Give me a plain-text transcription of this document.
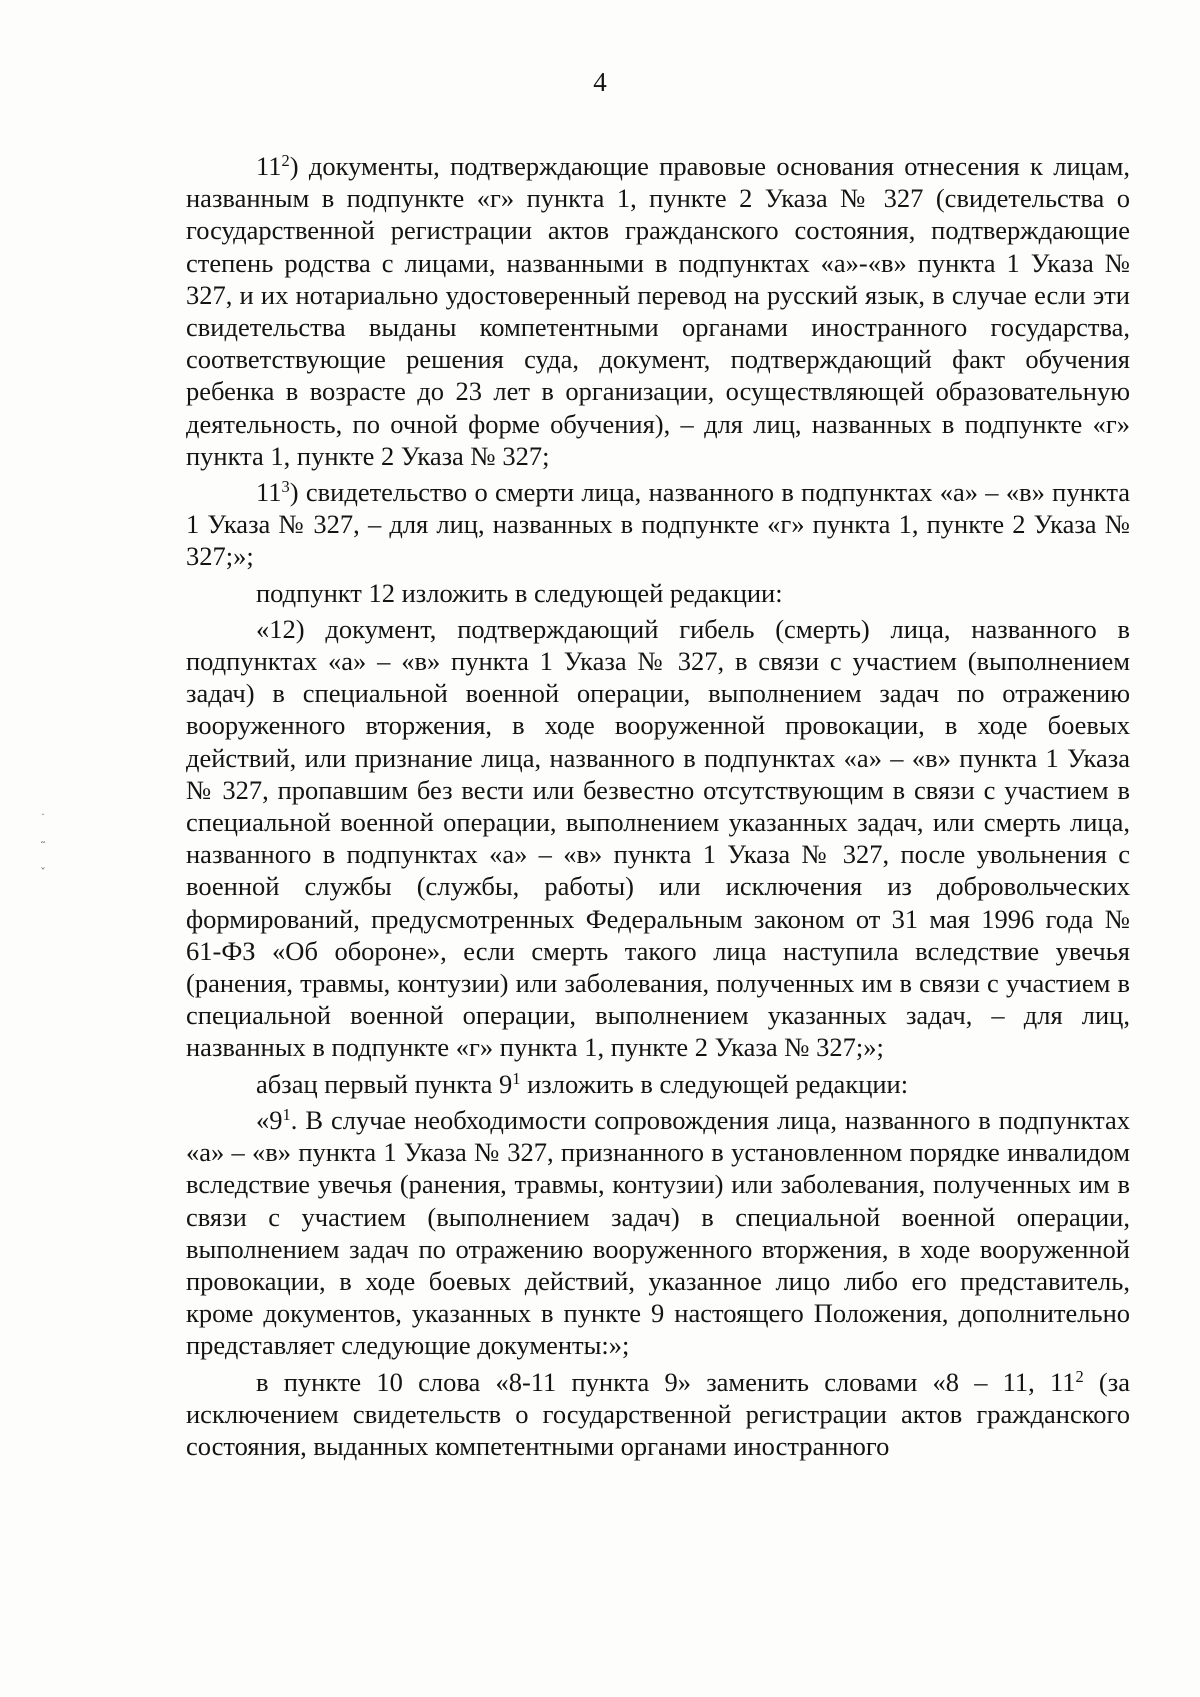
4

$11^2$) документы, подтверждающие правовые основания отнесения к лицам, названным в подпункте «г» пункта 1, пункте 2 Указа № 327 (свидетельства о государственной регистрации актов гражданского состояния, подтверждающие степень родства с лицами, названными в подпунктах «а»-«в» пункта 1 Указа № 327, и их нотариально удостоверенный перевод на русский язык, в случае если эти свидетельства выданы компетентными органами иностранного государства, соответствующие решения суда, документ, подтверждающий факт обучения ребенка в возрасте до 23 лет в организации, осуществляющей образовательную деятельность, по очной форме обучения), – для лиц, названных в подпункте «г» пункта 1, пункте 2 Указа № 327;

$11^3$) свидетельство о смерти лица, названного в подпунктах «а» – «в» пункта 1 Указа № 327, – для лиц, названных в подпункте «г» пункта 1, пункте 2 Указа № 327;»;

подпункт 12 изложить в следующей редакции:

«12) документ, подтверждающий гибель (смерть) лица, названного в подпунктах «а» – «в» пункта 1 Указа № 327, в связи с участием (выполнением задач) в специальной военной операции, выполнением задач по отражению вооруженного вторжения, в ходе вооруженной провокации, в ходе боевых действий, или признание лица, названного в подпунктах «а» – «в» пункта 1 Указа № 327, пропавшим без вести или безвестно отсутствующим в связи с участием в специальной военной операции, выполнением указанных задач, или смерть лица, названного в подпунктах «а» – «в» пункта 1 Указа № 327, после увольнения с военной службы (службы, работы) или исключения из добровольческих формирований, предусмотренных Федеральным законом от 31 мая 1996 года № 61-ФЗ «Об обороне», если смерть такого лица наступила вследствие увечья (ранения, травмы, контузии) или заболевания, полученных им в связи с участием в специальной военной операции, выполнением указанных задач, – для лиц, названных в подпункте «г» пункта 1, пункте 2 Указа № 327;»;

абзац первый пункта $9^1$ изложить в следующей редакции:

«$9^1$. В случае необходимости сопровождения лица, названного в подпунктах «а» – «в» пункта 1 Указа № 327, признанного в установленном порядке инвалидом вследствие увечья (ранения, травмы, контузии) или заболевания, полученных им в связи с участием (выполнением задач) в специальной военной операции, выполнением задач по отражению вооруженного вторжения, в ходе вооруженной провокации, в ходе боевых действий, указанное лицо либо его представитель, кроме документов, указанных в пункте 9 настоящего Положения, дополнительно представляет следующие документы:»;

в пункте 10 слова «8-11 пункта 9» заменить словами «8 – 11, $11^2$ (за исключением свидетельств о государственной регистрации актов гражданского состояния, выданных компетентными органами иностранного

˙
˜
ˇ
